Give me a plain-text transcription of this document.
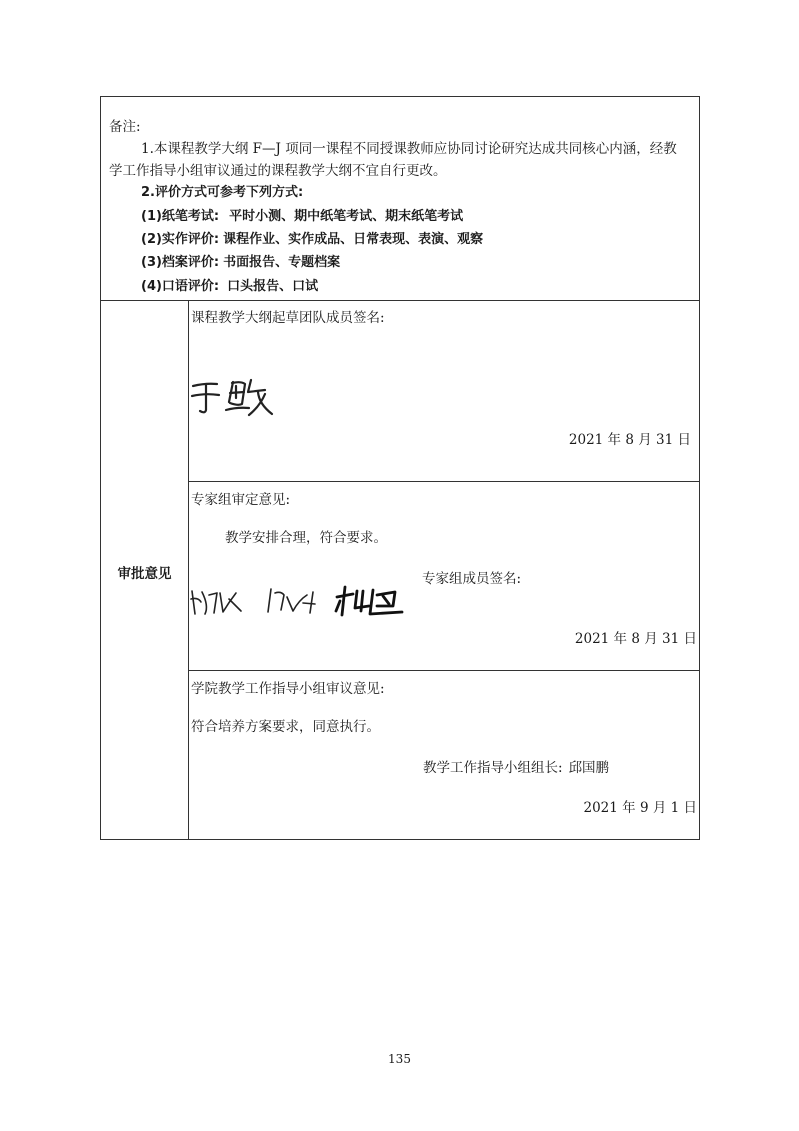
备注:
1.本课程教学大纲 F—J 项同一课程不同授课教师应协同讨论研究达成共同核心内涵，经教
学工作指导小组审议通过的课程教学大纲不宜自行更改。
2.评价方式可参考下列方式:
(1)纸笔考试: 平时小测、期中纸笔考试、期末纸笔考试
(2)实作评价: 课程作业、实作成品、日常表现、表演、观察
(3)档案评价: 书面报告、专题档案
(4)口语评价: 口头报告、口试
审批意见
课程教学大纲起草团队成员签名:
2021 年 8 月 31 日
专家组审定意见:
教学安排合理，符合要求。
专家组成员签名:
2021 年 8 月 31 日
学院教学工作指导小组审议意见:
符合培养方案要求，同意执行。
教学工作指导小组组长: 邱国鹏
2021 年 9 月 1 日
135
